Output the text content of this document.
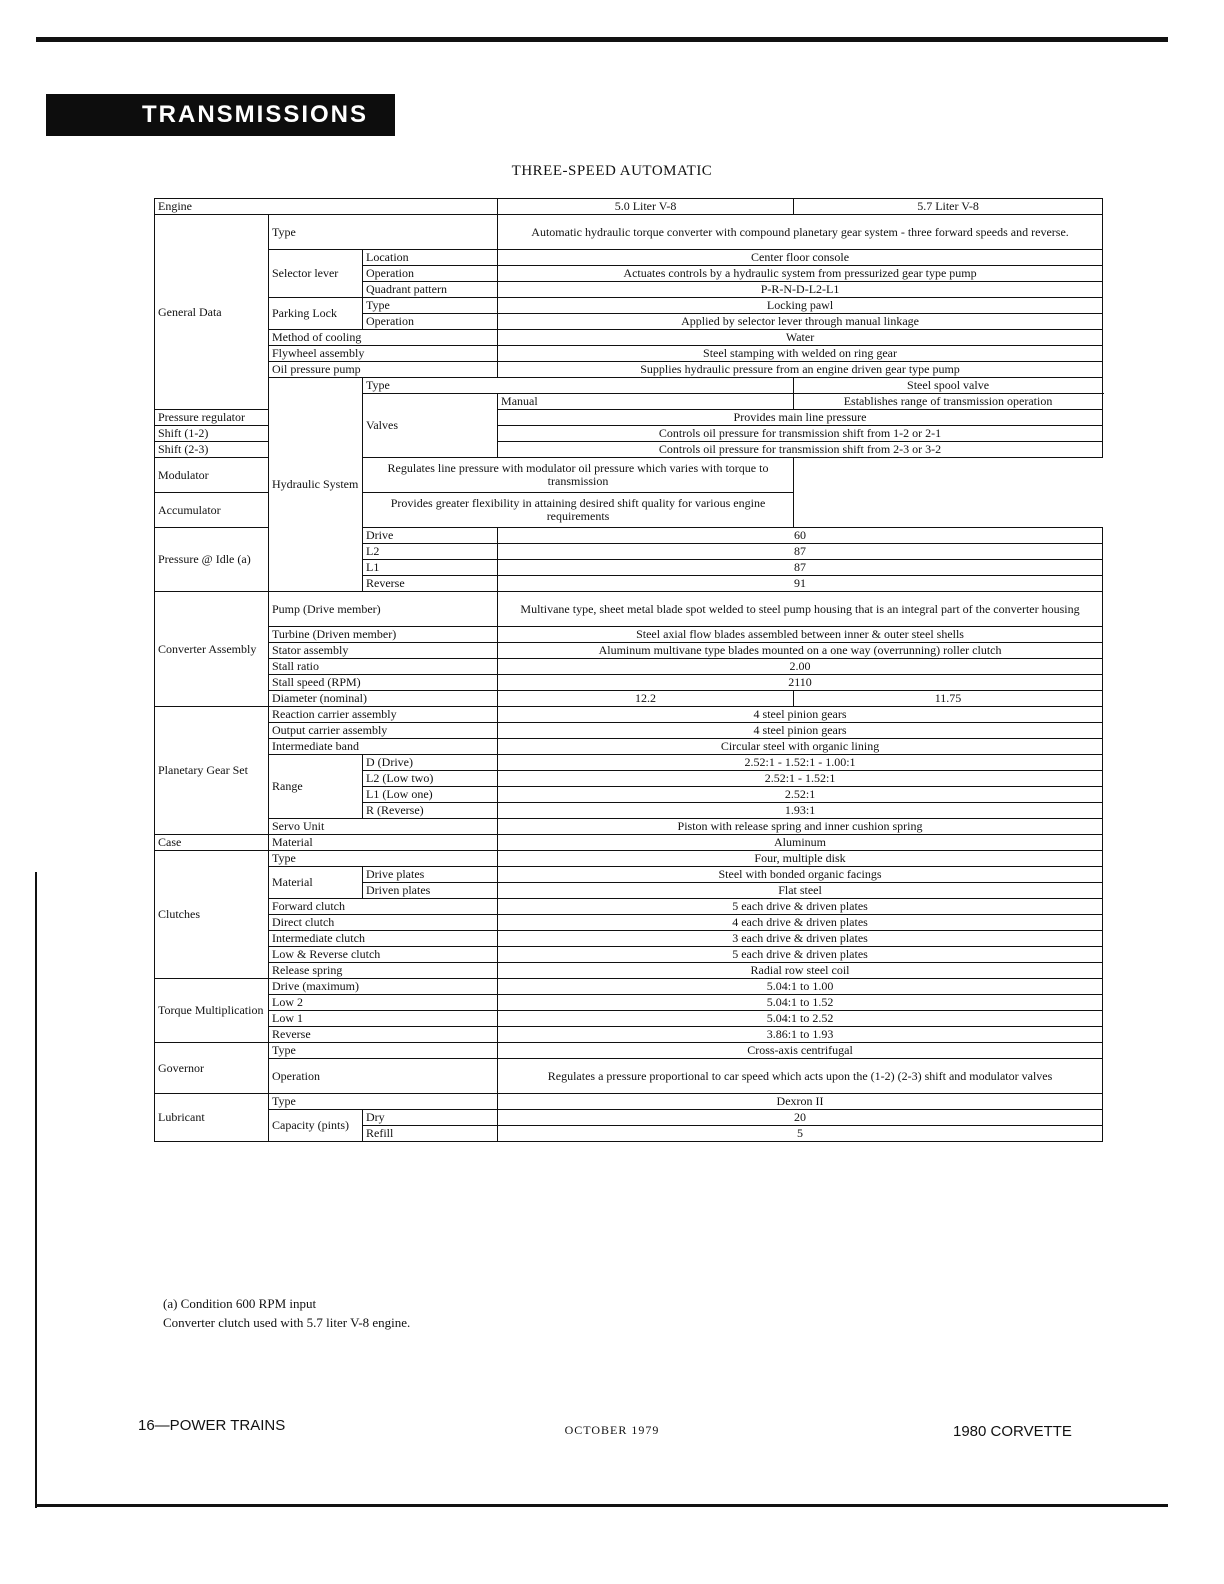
TRANSMISSIONS
THREE-SPEED AUTOMATIC
Engine			5.0 Liter V-8	5.7 Liter V-8
General Data	Type		Automatic hydraulic torque converter with compound planetary gear system - three forward speeds and reverse.	
	Selector lever	Location	Center floor console	
		Operation	Actuates controls by a hydraulic system from pressurized gear type pump	
		Quadrant pattern	P-R-N-D-L2-L1	
	Parking Lock	Type	Locking pawl	
		Operation	Applied by selector lever through manual linkage	
	Method of cooling		Water	
	Flywheel assembly		Steel stamping with welded on ring gear	
	Oil pressure pump		Supplies hydraulic pressure from an engine driven gear type pump	
	Hydraulic System	Type		Steel spool valve
		Valves	Manual	Establishes range of transmission operation
Pressure regulator			Provides main line pressure	
Shift (1-2)			Controls oil pressure for transmission shift from 1-2 or 2-1	
Shift (2-3)			Controls oil pressure for transmission shift from 2-3 or 3-2	
Modulator		Regulates line pressure with modulator oil pressure which varies with torque to transmission		
Accumulator		Provides greater flexibility in attaining desired shift quality for various engine requirements		
Pressure @ Idle (a)		Drive	60	
		L2	87	
		L1	87	
		Reverse	91	
Converter Assembly	Pump (Drive member)		Multivane type, sheet metal blade spot welded to steel pump housing that is an integral part of the converter housing	
	Turbine (Driven member)		Steel axial flow blades assembled between inner & outer steel shells	
	Stator assembly		Aluminum multivane type blades mounted on a one way (overrunning) roller clutch	
	Stall ratio		2.00	
	Stall speed (RPM)		2110	
	Diameter (nominal)		12.2	11.75
Planetary Gear Set	Reaction carrier assembly		4 steel pinion gears	
	Output carrier assembly		4 steel pinion gears	
	Intermediate band		Circular steel with organic lining	
	Range	D (Drive)	2.52:1 - 1.52:1 - 1.00:1	
		L2 (Low two)	2.52:1 - 1.52:1	
		L1 (Low one)	2.52:1	
		R (Reverse)	1.93:1	
	Servo Unit		Piston with release spring and inner cushion spring	
Case	Material		Aluminum	
Clutches	Type		Four, multiple disk	
	Material	Drive plates	Steel with bonded organic facings	
		Driven plates	Flat steel	
	Forward clutch		5 each drive & driven plates	
	Direct clutch		4 each drive & driven plates	
	Intermediate clutch		3 each drive & driven plates	
	Low & Reverse clutch		5 each drive & driven plates	
	Release spring		Radial row steel coil	
Torque Multiplication	Drive (maximum)		5.04:1 to 1.00	
	Low 2		5.04:1 to 1.52	
	Low 1		5.04:1 to 2.52	
	Reverse		3.86:1 to 1.93	
Governor	Type		Cross-axis centrifugal	
	Operation		Regulates a pressure proportional to car speed which acts upon the (1-2) (2-3) shift and modulator valves	
Lubricant	Type		Dexron II	
	Capacity (pints)	Dry	20	
		Refill	5	
(a) Condition 600 RPM input
Converter clutch used with 5.7 liter V-8 engine.
16—POWER TRAINS	OCTOBER 1979	1980 CORVETTE
